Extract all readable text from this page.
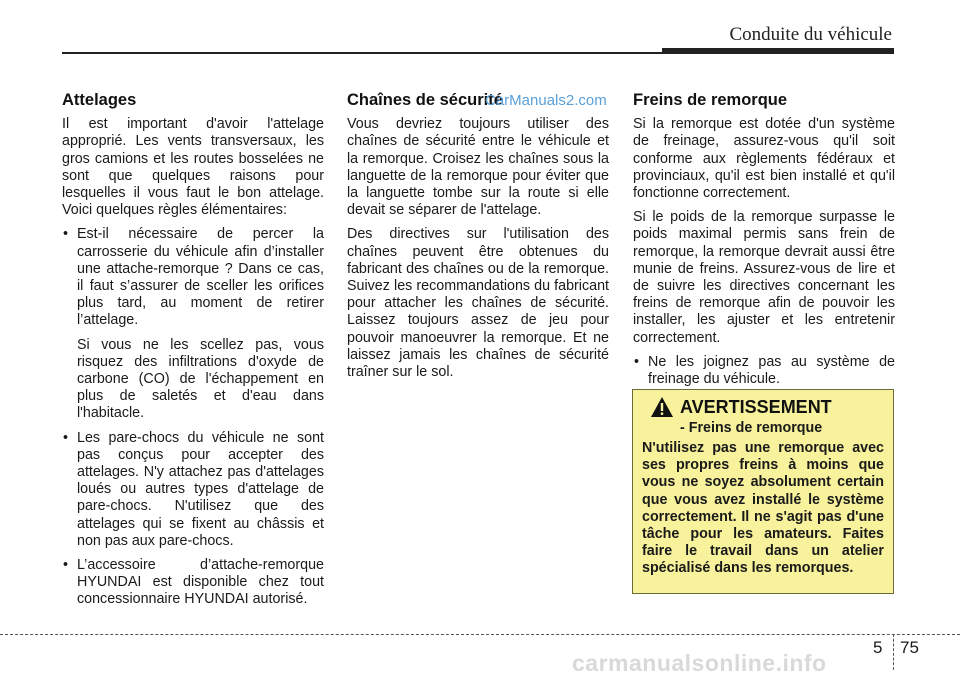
Conduite du véhicule
Attelages

Il est important d'avoir l'attelage approprié. Les vents transversaux, les gros camions et les routes bosselées ne sont que quelques raisons pour lesquelles il vous faut le bon attelage. Voici quelques règles élémentaires:

• Est-il nécessaire de percer la carrosserie du véhicule afin d’installer une attache-remorque ? Dans ce cas, il faut s’assurer de sceller les orifices plus tard, au moment de retirer l’attelage.

Si vous ne les scellez pas, vous risquez des infiltrations d'oxyde de carbone (CO) de l'échappement en plus de saletés et d'eau dans l'habitacle.

• Les pare-chocs du véhicule ne sont pas conçus pour accepter des attelages. N'y attachez pas d'attelages loués ou autres types d'attelage de pare-chocs. N'utilisez que des attelages qui se fixent au châssis et non pas aux pare-chocs.
• L’accessoire d’attache-remorque HYUNDAI est disponible chez tout concessionnaire HYUNDAI autorisé.
Chaînes de sécurité

Vous devriez toujours utiliser des chaînes de sécurité entre le véhicule et la remorque. Croisez les chaînes sous la languette de la remorque pour éviter que la languette tombe sur la route si elle devait se séparer de l'attelage.

Des directives sur l'utilisation des chaînes peuvent être obtenues du fabricant des chaînes ou de la remorque. Suivez les recommandations du fabricant pour attacher les chaînes de sécurité. Laissez toujours assez de jeu pour pouvoir manoeuvrer la remorque. Et ne laissez jamais les chaînes de sécurité traîner sur le sol.

CarManuals2.com Freins de remorque

Si la remorque est dotée d'un système de freinage, assurez-vous qu'il soit conforme aux règlements fédéraux et provinciaux, qu'il est bien installé et qu'il fonctionne correctement.

Si le poids de la remorque surpasse le poids maximal permis sans frein de remorque, la remorque devrait aussi être munie de freins. Assurez-vous de lire et de suivre les directives concernant les freins de remorque afin de pouvoir les installer, les ajuster et les entretenir correctement.

• Ne les joignez pas au système de freinage du véhicule.
AVERTISSEMENT
- Freins de remorque

N'utilisez pas une remorque avec ses propres freins à moins que vous ne soyez absolument certain que vous avez installé le système correctement. Il ne s'agit pas d'une tâche pour les amateurs. Faites faire le travail dans un atelier spécialisé dans les remorques.

5 75
carmanualsonline.info
